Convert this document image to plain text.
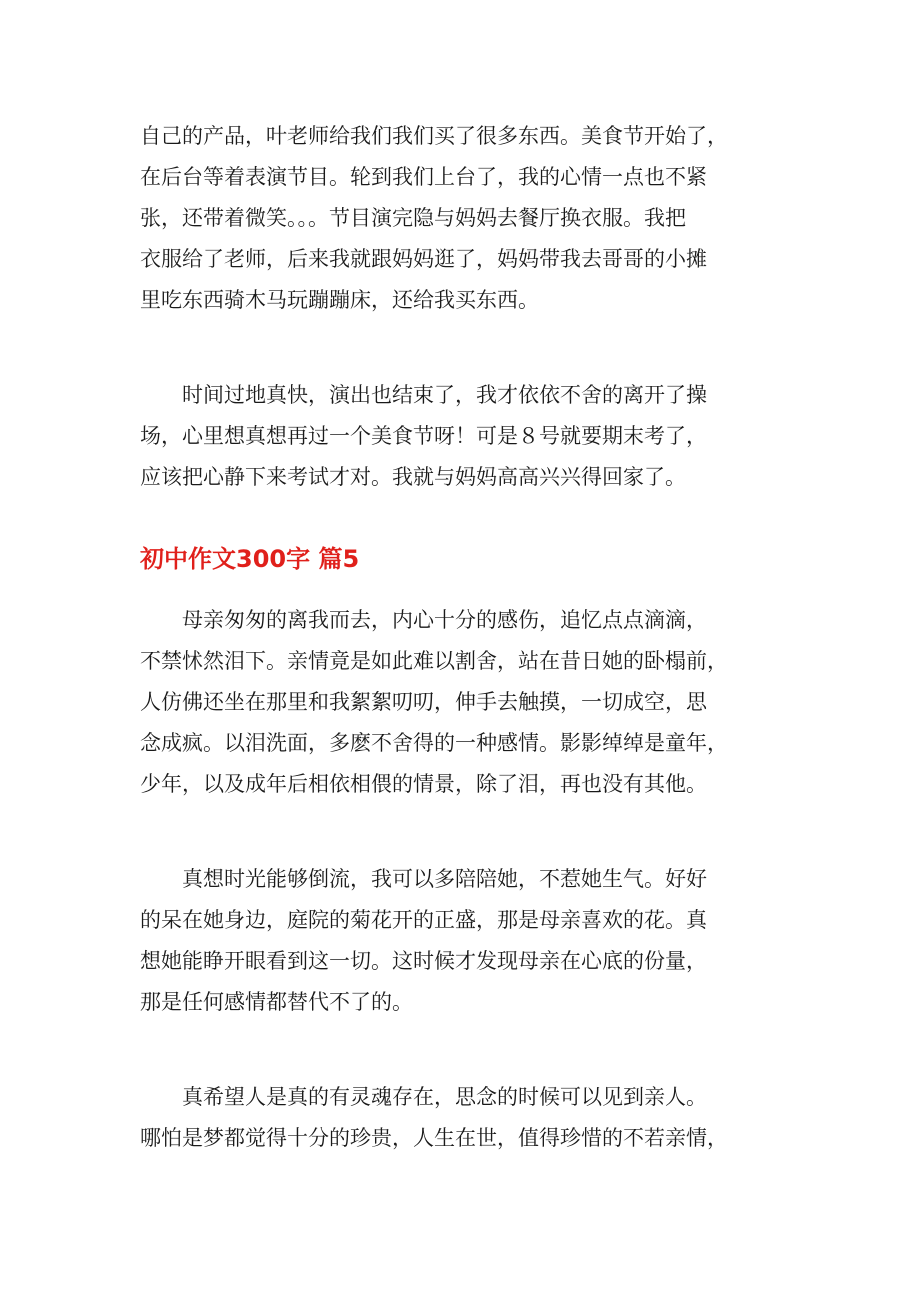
自己的产品，叶老师给我们我们买了很多东西。美食节开始了，
在后台等着表演节目。轮到我们上台了，我的心情一点也不紧
张，还带着微笑。。。节目演完隐与妈妈去餐厅换衣服。我把
衣服给了老师，后来我就跟妈妈逛了，妈妈带我去哥哥的小摊
里吃东西骑木马玩蹦蹦床，还给我买东西。

　　时间过地真快，演出也结束了，我才依依不舍的离开了操
场，心里想真想再过一个美食节呀！可是８号就要期末考了，
应该把心静下来考试才对。我就与妈妈高高兴兴得回家了。

初中作文300字 篇5

　　母亲匆匆的离我而去，内心十分的感伤，追忆点点滴滴，
不禁怵然泪下。亲情竟是如此难以割舍，站在昔日她的卧榻前，
人仿佛还坐在那里和我絮絮叨叨，伸手去触摸，一切成空，思
念成疯。以泪洗面，多麽不舍得的一种感情。影影绰绰是童年，
少年，以及成年后相依相偎的情景，除了泪，再也没有其他。

　　真想时光能够倒流，我可以多陪陪她，不惹她生气。好好
的呆在她身边，庭院的菊花开的正盛，那是母亲喜欢的花。真
想她能睁开眼看到这一切。这时候才发现母亲在心底的份量，
那是任何感情都替代不了的。

　　真希望人是真的有灵魂存在，思念的时候可以见到亲人。
哪怕是梦都觉得十分的珍贵，人生在世，值得珍惜的不若亲情，
